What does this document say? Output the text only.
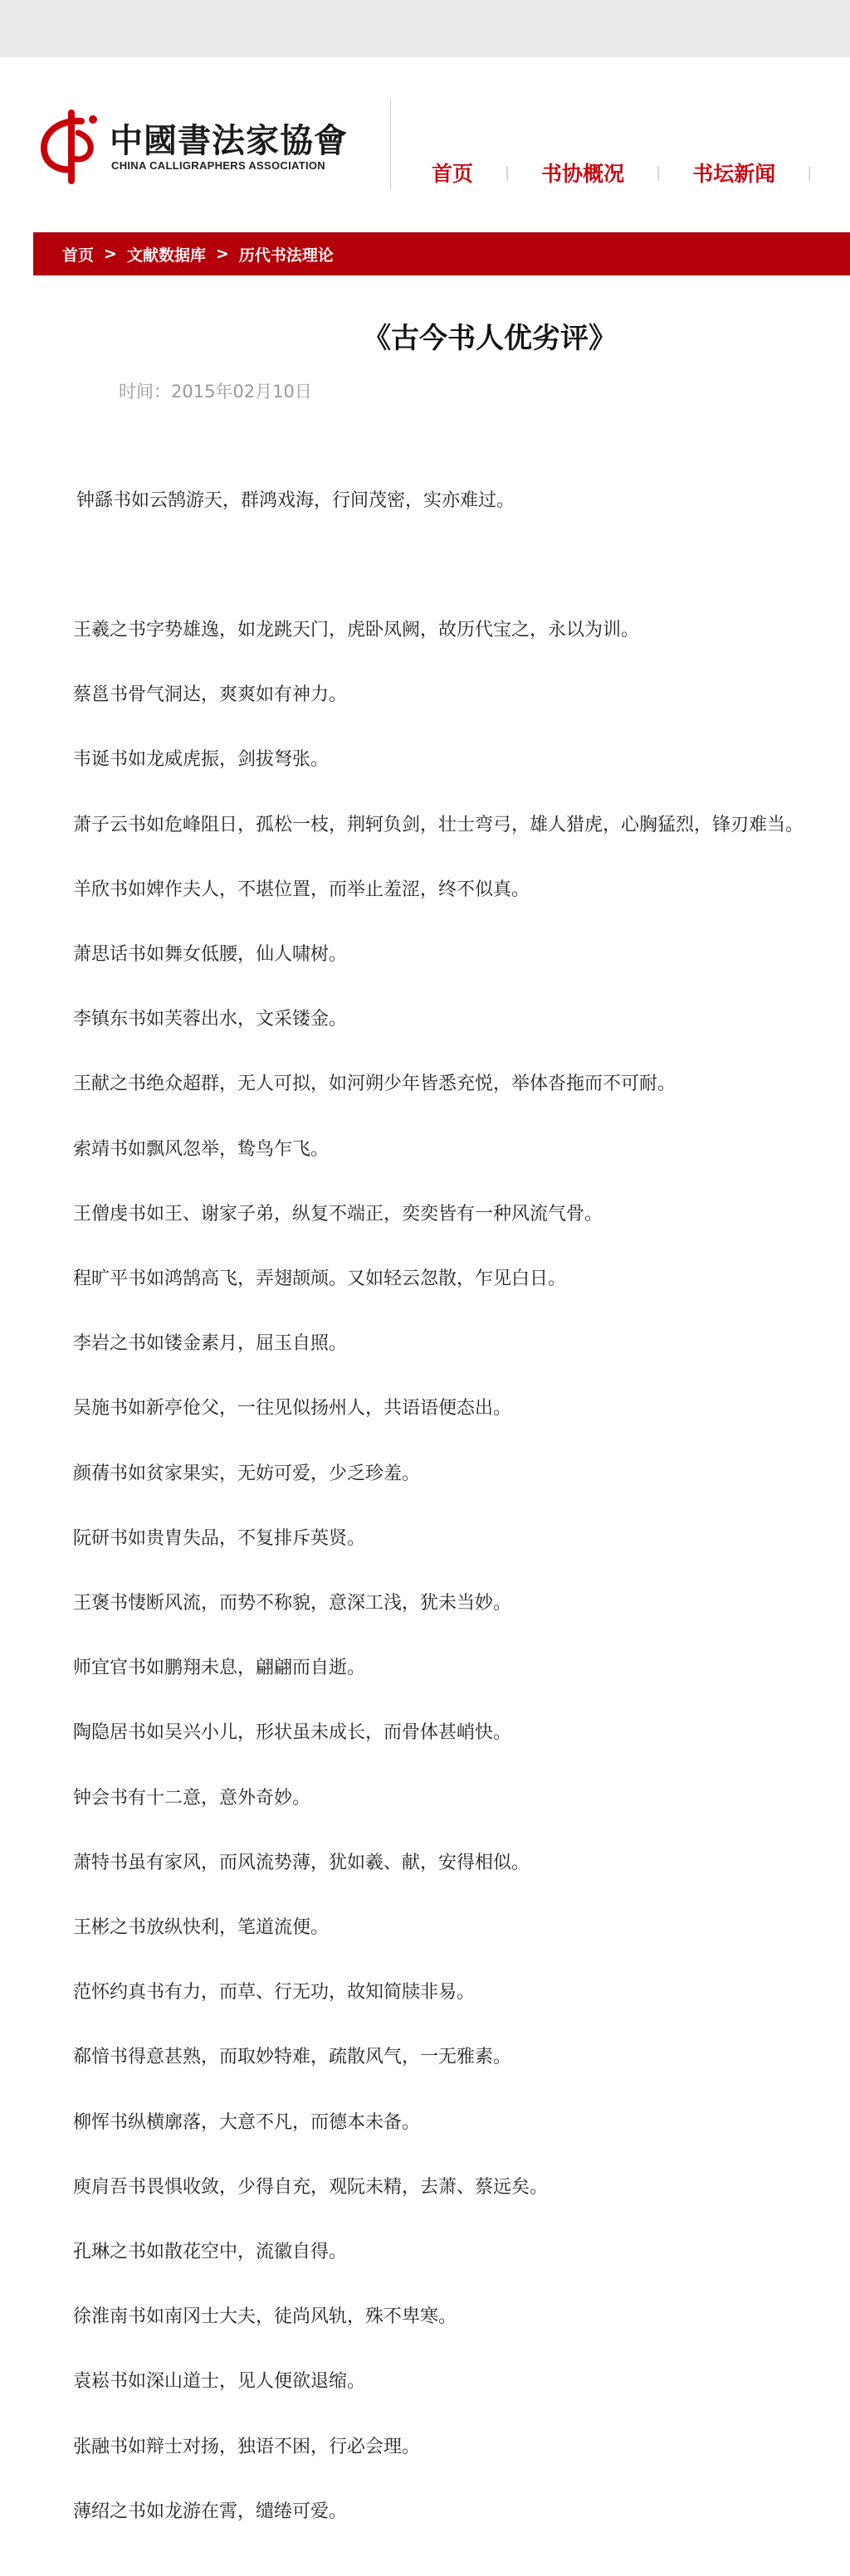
中國書法家協會
CHINA CALLIGRAPHERS ASSOCIATION	首页 | 书协概况 | 书坛新闻 |
首页 > 文献数据库 > 历代书法理论
《古今书人优劣评》
时间：2015年02月10日
钟繇书如云鹄游天，群鸿戏海，行间茂密，实亦难过。
王羲之书字势雄逸，如龙跳天门，虎卧凤阙，故历代宝之，永以为训。
蔡邕书骨气洞达，爽爽如有神力。
韦诞书如龙威虎振，剑拔弩张。
萧子云书如危峰阻日，孤松一枝，荆轲负剑，壮士弯弓，雄人猎虎，心胸猛烈，锋刃难当。
羊欣书如婢作夫人，不堪位置，而举止羞涩，终不似真。
萧思话书如舞女低腰，仙人啸树。
李镇东书如芙蓉出水，文采镂金。
王献之书绝众超群，无人可拟，如河朔少年皆悉充悦，举体沓拖而不可耐。
索靖书如飘风忽举，鸷鸟乍飞。
王僧虔书如王、谢家子弟，纵复不端正，奕奕皆有一种风流气骨。
程旷平书如鸿鹄高飞，弄翅颉颃。又如轻云忽散，乍见白日。
李岩之书如镂金素月，屈玉自照。
吴施书如新亭伧父，一往见似扬州人，共语语便态出。
颜蒨书如贫家果实，无妨可爱，少乏珍羞。
阮研书如贵胄失品，不复排斥英贤。
王褒书悽断风流，而势不称貌，意深工浅，犹未当妙。
师宜官书如鹏翔未息，翩翩而自逝。
陶隐居书如吴兴小儿，形状虽未成长，而骨体甚峭快。
钟会书有十二意，意外奇妙。
萧特书虽有家风，而风流势薄，犹如羲、献，安得相似。
王彬之书放纵快利，笔道流便。
范怀约真书有力，而草、行无功，故知简牍非易。
郗愔书得意甚熟，而取妙特难，疏散风气，一无雅素。
柳恽书纵横廓落，大意不凡，而德本未备。
庾肩吾书畏惧收敛，少得自充，观阮未精，去萧、蔡远矣。
孔琳之书如散花空中，流徽自得。
徐淮南书如南冈士大夫，徒尚风轨，殊不卑寒。
袁崧书如深山道士，见人便欲退缩。
张融书如辩士对扬，独语不困，行必会理。
薄绍之书如龙游在霄，缱绻可爱。
